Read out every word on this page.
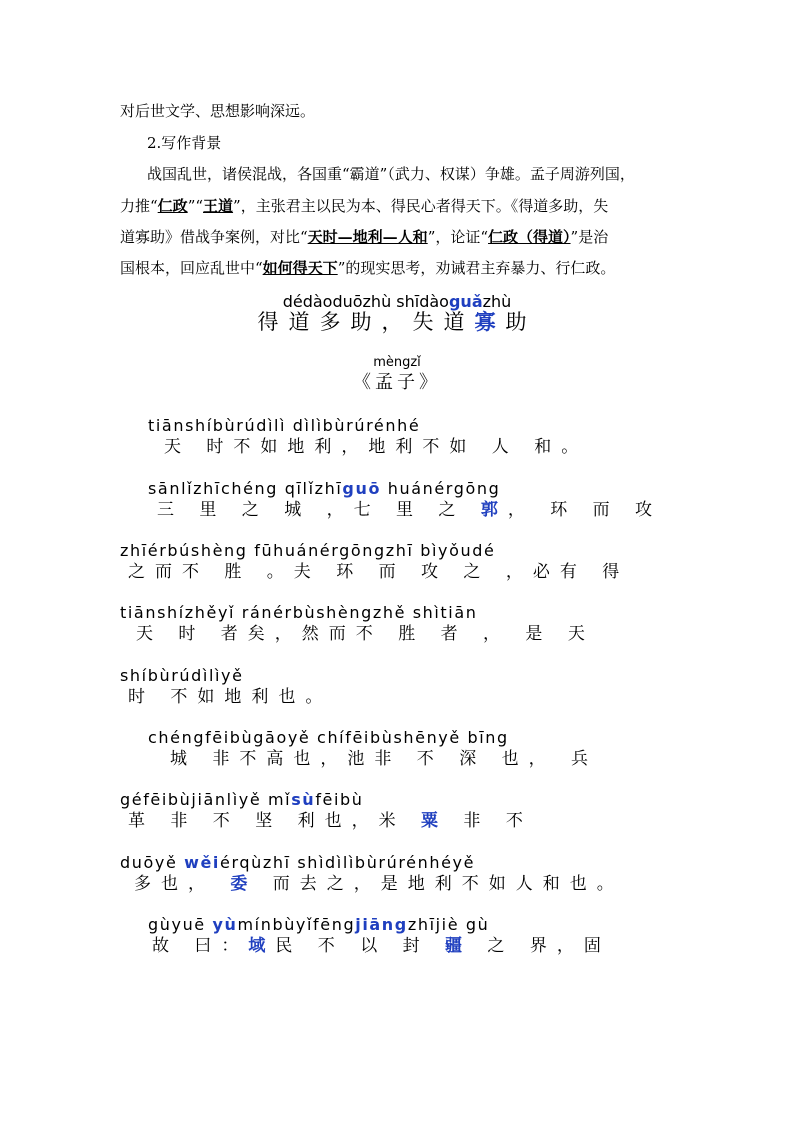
对后世文学、思想影响深远。
2.写作背景
战国乱世，诸侯混战，各国重“霸道”（武力、权谋）争雄。孟子周游列国，
力推“仁政”“王道”，主张君主以民为本、得民心者得天下。《得道多助，失
道寡助》借战争案例，对比“天时—地利—人和”，论证“仁政（得道）”是治
国根本，回应乱世中“如何得天下”的现实思考，劝诫君主弃暴力、行仁政。
dédàoduōzhù shīdàoguǎzhù
得道多助，失道寡助
mèngzǐ
《孟子》
tiānshíbùrúdìlì dìlìbùrúrénhé
天 时不如地利，地利不如 人 和。
sānlǐzhīchéng qīlǐzhīguō huánérgōng
三 里 之 城 ，七 里 之 郭， 环 而 攻
zhīérbúshèng fūhuánérgōngzhī bìyǒudé
之而不 胜 。夫 环 而 攻 之 ，必有 得
tiānshízhěyǐ ránérbùshèngzhě shìtiān
天 时 者矣，然而不 胜 者 ， 是 天
shíbùrúdìlìyě
时 不如地利也。
chéngfēibùgāoyě chífēibùshēnyě bīng
城 非不高也，池非 不 深 也， 兵
géfēibùjiānlìyě mǐsùfēibù
革 非 不 坚 利也，米 粟 非 不
duōyě wěiérqùzhī shìdìlìbùrúrénhéyě
多也， 委 而去之，是地利不如人和也。
gùyuē yùmínbùyǐfēngjiāngzhījiè gù
故 曰：域民 不 以 封 疆 之 界，固
